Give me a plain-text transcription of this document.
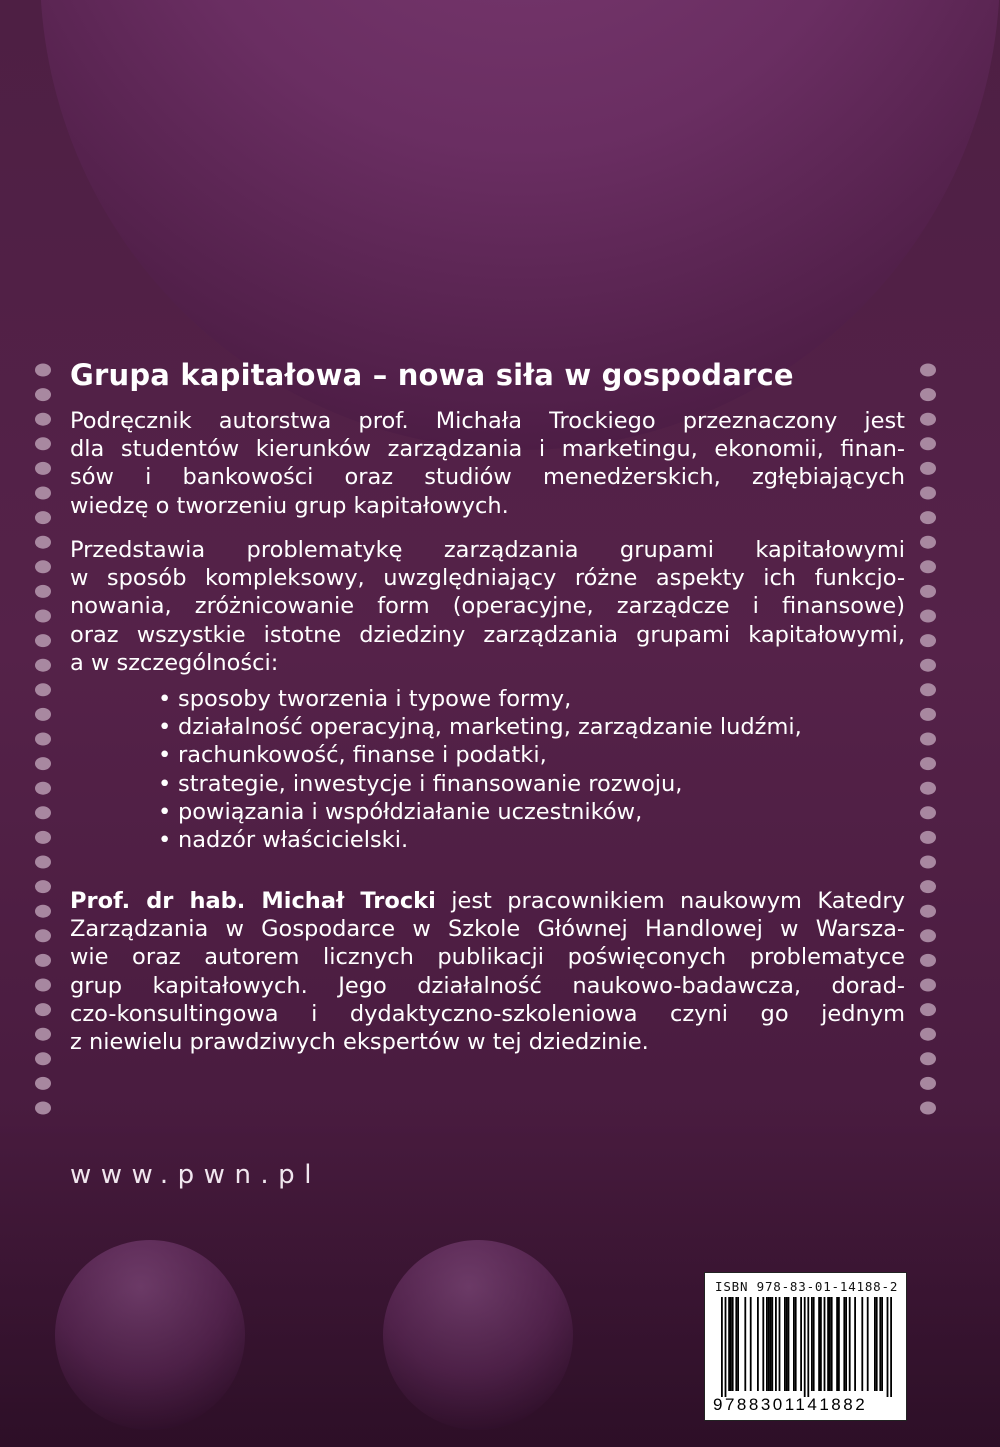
Grupa kapitałowa – nowa siła w gospodarce
Podręcznik autorstwa prof. Michała Trockiego przeznaczony jest
dla studentów kierunków zarządzania i marketingu, ekonomii, finan-
sów i bankowości oraz studiów menedżerskich, zgłębiających
wiedzę o tworzeniu grup kapitałowych.
Przedstawia problematykę zarządzania grupami kapitałowymi
w sposób kompleksowy, uwzględniający różne aspekty ich funkcjo-
nowania, zróżnicowanie form (operacyjne, zarządcze i finansowe)
oraz wszystkie istotne dziedziny zarządzania grupami kapitałowymi,
a w szczególności:
• sposoby tworzenia i typowe formy,
• działalność operacyjną, marketing, zarządzanie ludźmi,
• rachunkowość, finanse i podatki,
• strategie, inwestycje i finansowanie rozwoju,
• powiązania i współdziałanie uczestników,
• nadzór właścicielski.
Prof. dr hab. Michał Trocki jest pracownikiem naukowym Katedry
Zarządzania w Gospodarce w Szkole Głównej Handlowej w Warsza-
wie oraz autorem licznych publikacji poświęconych problematyce
grup kapitałowych. Jego działalność naukowo-badawcza, dorad-
czo-konsultingowa i dydaktyczno-szkoleniowa czyni go jednym
z niewielu prawdziwych ekspertów w tej dziedzinie.
www.pwn.pl
ISBN 978-83-01-14188-2
9788301141882
